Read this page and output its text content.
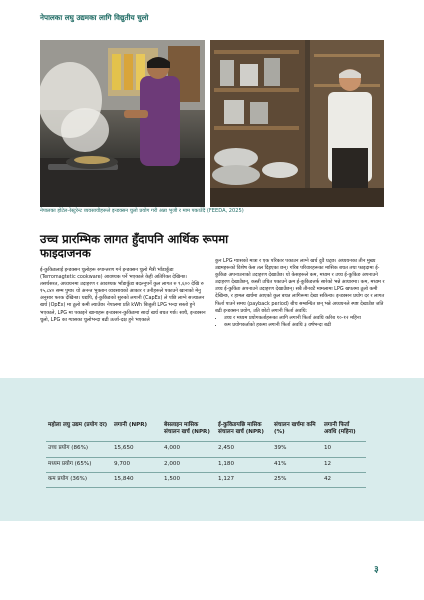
नेपालका लघु उद्यमका लागि विद्युतीय चुलो
नेपालका होटेल-रेस्टुरेन्ट व्यवसायीहरूले इन्डक्सन चुलो प्रयोग गरी अन्ना भुजी र माम पकाउँदै (FEEDA, 2025)
उच्च प्रारम्भिक लागत हुँदापनि आर्थिक रूपमा फाइदाजनक
ई-कुकिङलाई इन्डक्सन चुलोहरू रुपान्तरण गर्न इन्डक्सन चुलो मैत्री भाँडाकुँडा (Terromagtetic cookware) आवश्यक पर्ने भएकाले केही अतिरिक्त देखिन्छ। तसर्थसरत, अध्ययनमा उदाहरण र आवश्यक भाँडाकुँडा बदल्नुपर्ने कुल लागत रु ९,६०० देखि रु १५,८४० सम्म पुग्छ। यो अनन्त भुक्तान व्यवसायको आकार र उनीहरूले पकाउने खानाको मेनु अनुसार फरक देखिन्छ। यद्यपि, ई-कुकिङको सुरुको लगानी (CapEx) ले पछि लाग्ने सञ्चालन खर्च (OpEx) मा ठूलो कमी ल्याउँछ। नेपालमा प्रति kWh बिजुली LPG भन्दा सस्तो हुने भएकाले, LPG मा पकाइने खानाहरू इन्डक्सन-कुकिङमा सार्दा खर्च बचत गर्छ। साथै, इन्डक्सन चुलो, LPG का ग्यासका चुलोभन्दा बढी ऊर्जा-दक्ष हुने भएकाले
कुन LPG ग्यासको मात्रा र एक परिकार पकाउन लाग्ने खर्च दुवै घट्छ। अध्ययनका तीन मुख्य उद्यमहरूको विशेष केस तल दिइएका छन्। गरिब परिवारहरूका मासिक बचत तथा फाइदामा ई-कुकिङ अपनाउनाको उदाहरण देखाउँछ। यो केसहरूले कम, मध्यम र उच्च ई-कुकिङ अपनाउने उदाहरण देखाउँछन्, कस्ती उचित पकाउने क्रम ई-कुकिङतर्फ सारेको भन्ने आधारमा। कम, मध्यम र उच्च ई-कुकिङ अपनाउने उदाहरण देखाउँछन्। सबै तीनवटै मामलामा LPG खपतमा ठूलो कमी देखिन्छ, र हामल खर्चमा आएको कुल बचत लागिरूमा देखा सकिन्छ। इन्डक्सन प्रयोग दर र लागत फिर्ता पाउने समय (payback period) बीच सम्बन्धित छन् भन्ने अध्ययनले स्पष्ट देखाउँछ जति बढी इन्डक्सन प्रयोग, उति छोटो लगानी फिर्ता अवधि:
• उच्च र मध्यम प्रयोगकर्ताहरूका लागि लगानी फिर्ता अवधि करिब १०-१२ महिना
• कम प्रयोगकर्ताको हकमा लगानी फिर्ता अवधि ३ वर्षभन्दा बढी
महोला लघु उद्यम (प्रयोग दर)	लगानी (NPR)	बेसलाइन मासिक संचालन खर्च (NPR)	ई-कुकिङपछि मासिक संचालन खर्च (NPR)	संचालन खर्चमा कमि (%)	लगानी फिर्ता अवधि (महिना)
उच्च प्रयोग (86%)	15,650	4,000	2,450	39%	10
मध्यम प्रयोग (65%)	9,700	2,000	1,180	41%	12
कम प्रयोग (36%)	15,840	1,500	1,127	25%	42
३
